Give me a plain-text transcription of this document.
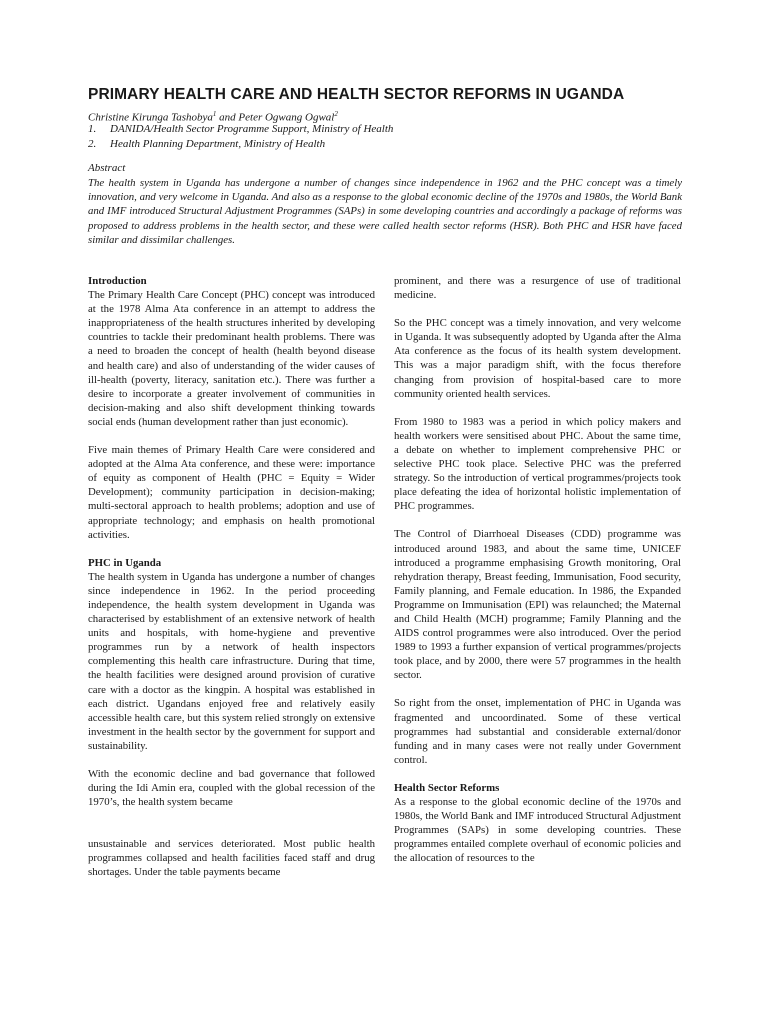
PRIMARY HEALTH CARE AND HEALTH SECTOR REFORMS IN UGANDA
Christine Kirunga Tashobya$^1$ and Peter Ogwang Ogwal$^2$
1.	DANIDA/Health Sector Programme Support, Ministry of Health
2.	Health Planning Department, Ministry of Health
Abstract
The health system in Uganda has undergone a number of changes since independence in 1962 and the PHC concept was a timely innovation, and very welcome in Uganda. And also as a response to the global economic decline of the 1970s and 1980s, the World Bank and IMF introduced Structural Adjustment Programmes (SAPs) in some developing countries and accordingly a package of reforms was proposed to address problems in the health sector, and these were called health sector reforms (HSR). Both PHC and HSR have faced similar and dissimilar challenges.
Introduction

The Primary Health Care Concept (PHC) concept was introduced at the 1978 Alma Ata conference in an attempt to address the inappropriateness of the health structures inherited by developing countries to tackle their predominant health problems. There was a need to broaden the concept of health (health beyond disease and health care) and also of understanding of the wider causes of ill-health (poverty, literacy, sanitation etc.). There was further a desire to incorporate a greater involvement of communities in decision-making and also shift development thinking towards social ends (human development rather than just economic).

Five main themes of Primary Health Care were considered and adopted at the Alma Ata conference, and these were: importance of equity as component of Health (PHC = Equity = Wider Development); community participation in decision-making; multi-sectoral approach to health problems; adoption and use of appropriate technology; and emphasis on health promotional activities.

PHC in Uganda

The health system in Uganda has undergone a number of changes since independence in 1962. In the period proceeding independence, the health system development in Uganda was characterised by establishment of an extensive network of health units and hospitals, with home-hygiene and preventive programmes run by a network of health inspectors complementing this health care infrastructure. During that time, the health facilities were designed around provision of curative care with a doctor as the kingpin. A hospital was established in each district. Ugandans enjoyed free and relatively easily accessible health care, but this system relied strongly on extensive investment in the health sector by the government for support and sustainability.

With the economic decline and bad governance that followed during the Idi Amin era, coupled with the global recession of the 1970’s, the health system became

unsustainable and services deteriorated. Most public health programmes collapsed and health facilities faced staff and drug shortages. Under the table payments became

prominent, and there was a resurgence of use of traditional medicine.

So the PHC concept was a timely innovation, and very welcome in Uganda. It was subsequently adopted by Uganda after the Alma Ata conference as the focus of its health system development. This was a major paradigm shift, with the focus therefore changing from provision of hospital-based care to more community oriented health services.

From 1980 to 1983 was a period in which policy makers and health workers were sensitised about PHC. About the same time, a debate on whether to implement comprehensive PHC or selective PHC took place. Selective PHC was the preferred strategy. So the introduction of vertical programmes/projects took place defeating the idea of horizontal holistic implementation of PHC programmes.

The Control of Diarrhoeal Diseases (CDD) programme was introduced around 1983, and about the same time, UNICEF introduced a programme emphasising Growth monitoring, Oral rehydration therapy, Breast feeding, Immunisation, Food security, Family planning, and Female education. In 1986, the Expanded Programme on Immunisation (EPI) was relaunched; the Maternal and Child Health (MCH) programme; Family Planning and the AIDS control programmes were also introduced. Over the period 1989 to 1993 a further expansion of vertical programmes/projects took place, and by 2000, there were 57 programmes in the health sector.

So right from the onset, implementation of PHC in Uganda was fragmented and uncoordinated. Some of these vertical programmes had substantial and considerable external/donor funding and in many cases were not really under Government control.

Health Sector Reforms

As a response to the global economic decline of the 1970s and 1980s, the World Bank and IMF introduced Structural Adjustment Programmes (SAPs) in some developing countries. These programmes entailed complete overhaul of economic policies and the allocation of resources to the
